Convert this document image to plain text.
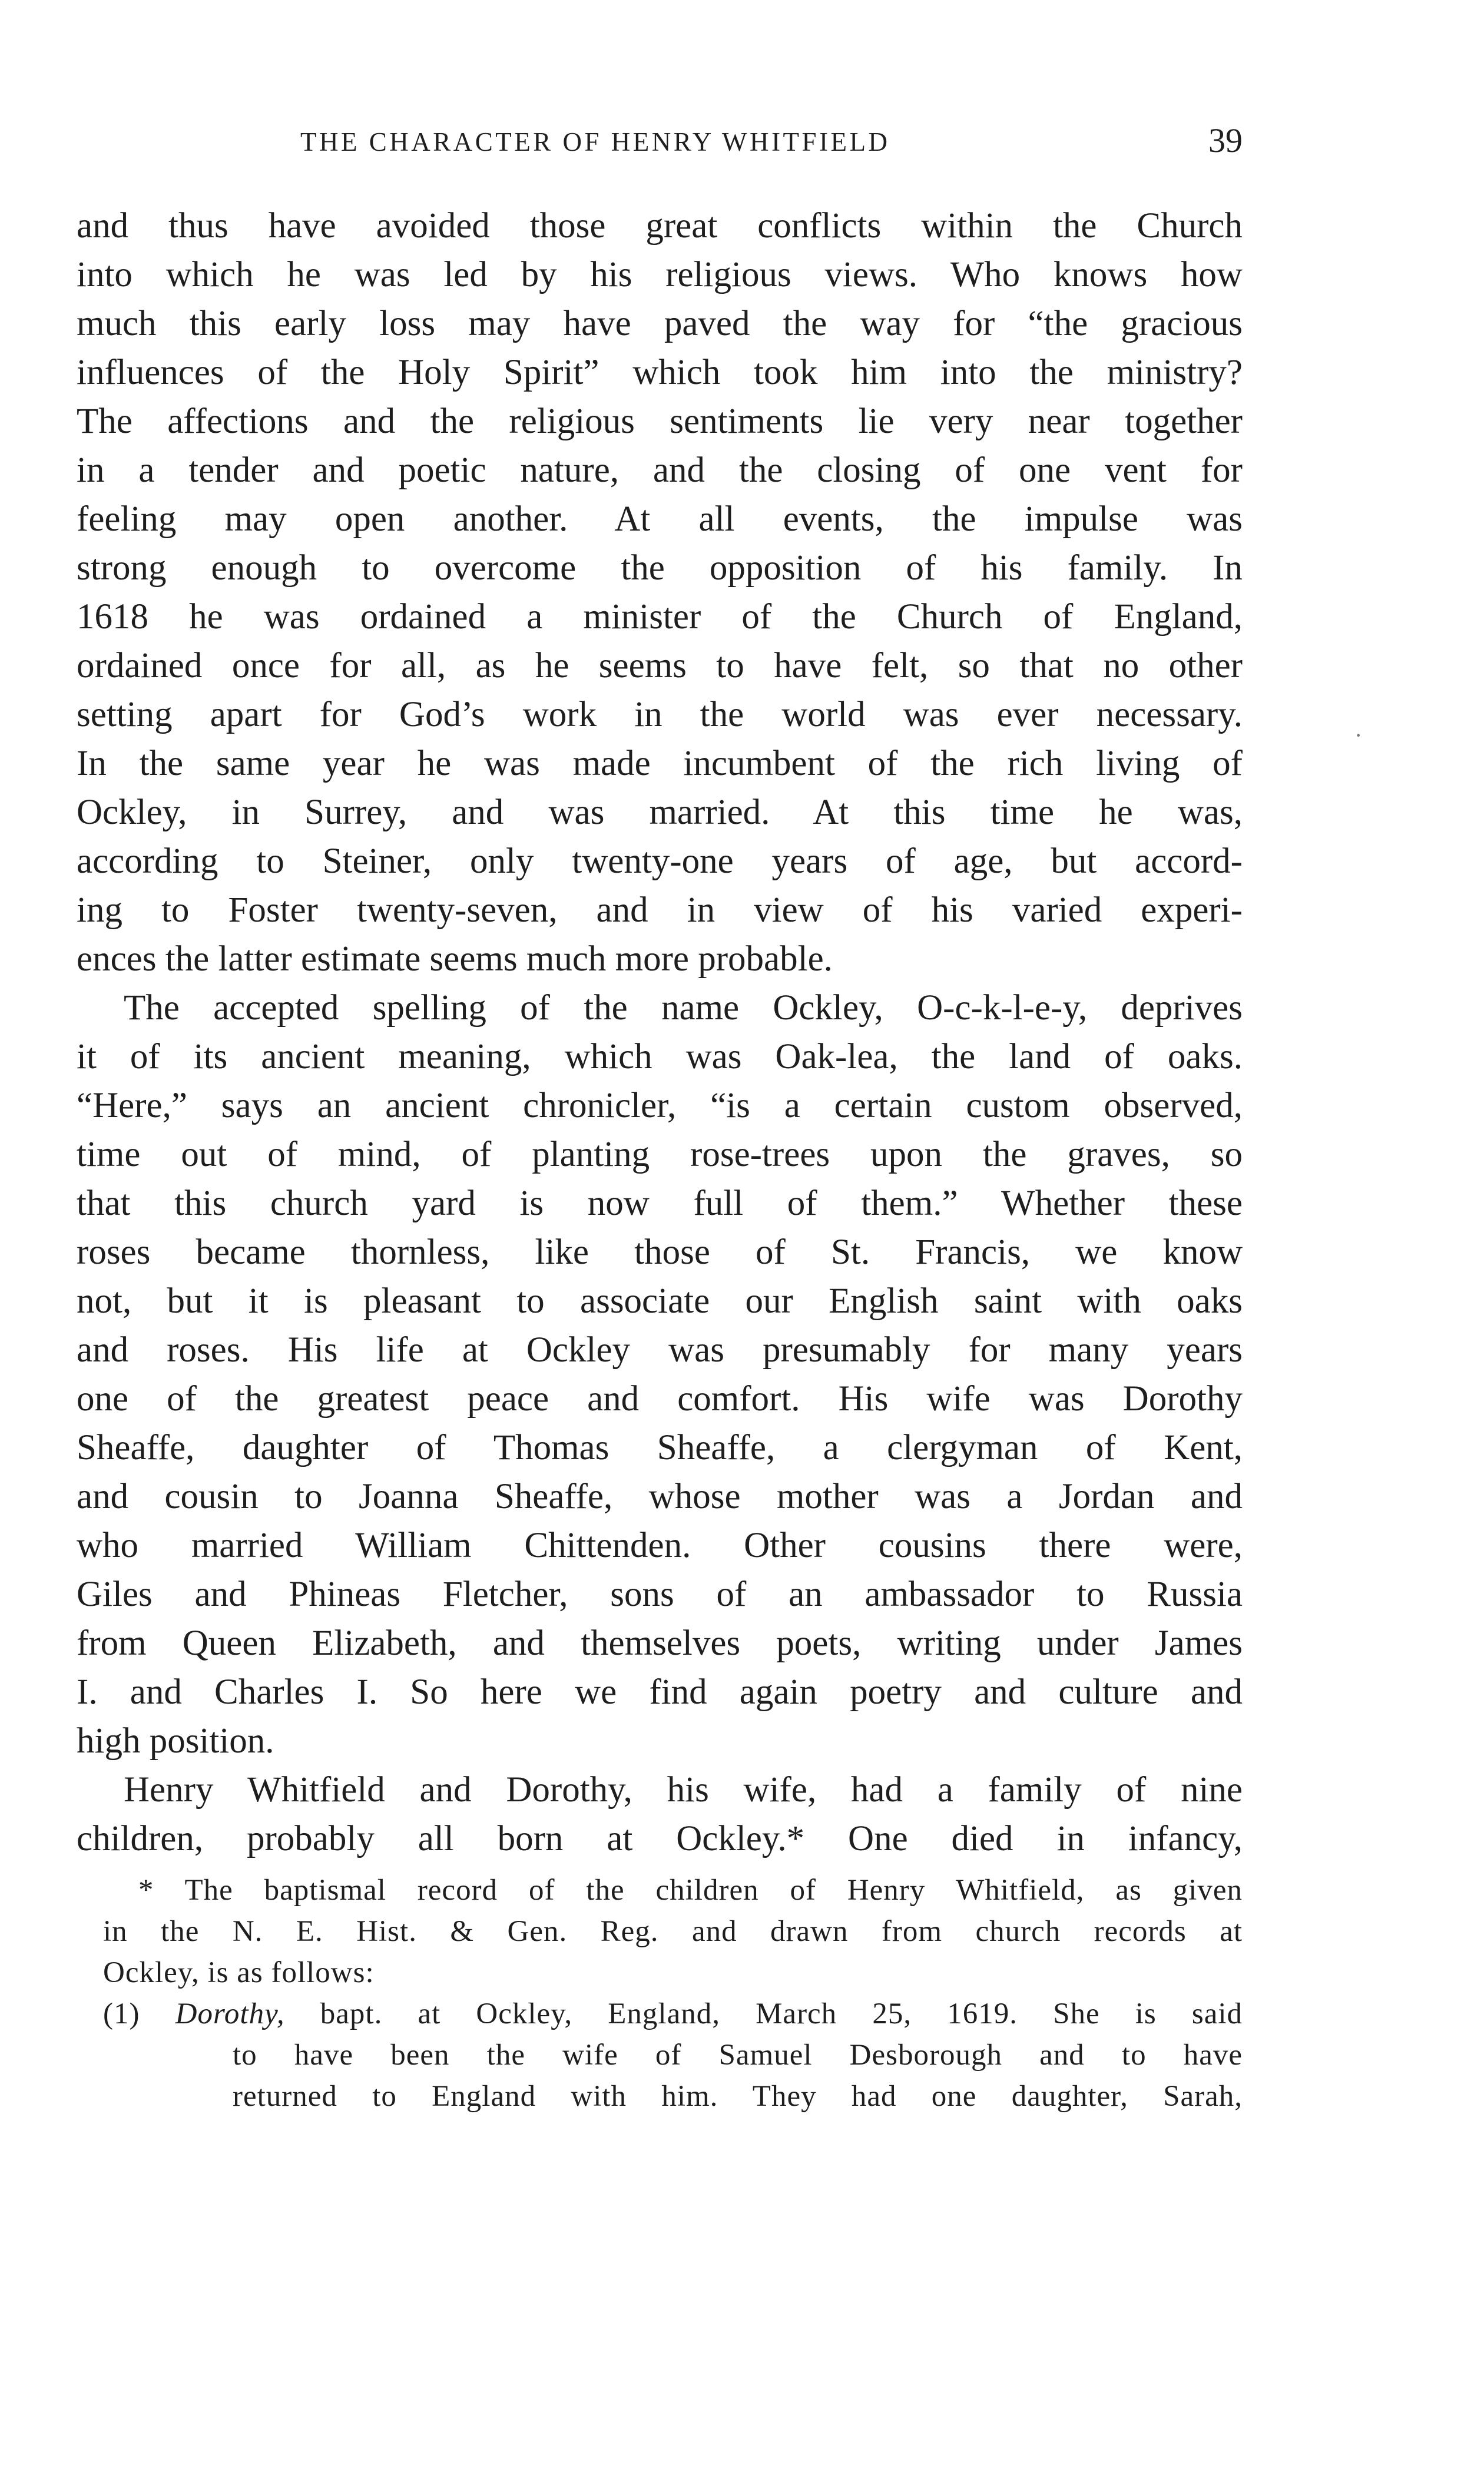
THE CHARACTER OF HENRY WHITFIELD	39
and thus have avoided those great conflicts within the Church
into which he was led by his religious views. Who knows how
much this early loss may have paved the way for “the gracious
influences of the Holy Spirit” which took him into the ministry?
The affections and the religious sentiments lie very near together
in a tender and poetic nature, and the closing of one vent for
feeling may open another. At all events, the impulse was
strong enough to overcome the opposition of his family. In
1618 he was ordained a minister of the Church of England,
ordained once for all, as he seems to have felt, so that no other
setting apart for God’s work in the world was ever necessary.
In the same year he was made incumbent of the rich living of
Ockley, in Surrey, and was married. At this time he was,
according to Steiner, only twenty-one years of age, but accord-
ing to Foster twenty-seven, and in view of his varied experi-
ences the latter estimate seems much more probable.
The accepted spelling of the name Ockley, O-c-k-l-e-y, deprives
it of its ancient meaning, which was Oak-lea, the land of oaks.
“Here,” says an ancient chronicler, “is a certain custom observed,
time out of mind, of planting rose-trees upon the graves, so
that this church yard is now full of them.” Whether these
roses became thornless, like those of St. Francis, we know
not, but it is pleasant to associate our English saint with oaks
and roses. His life at Ockley was presumably for many years
one of the greatest peace and comfort. His wife was Dorothy
Sheaffe, daughter of Thomas Sheaffe, a clergyman of Kent,
and cousin to Joanna Sheaffe, whose mother was a Jordan and
who married William Chittenden. Other cousins there were,
Giles and Phineas Fletcher, sons of an ambassador to Russia
from Queen Elizabeth, and themselves poets, writing under James
I. and Charles I. So here we find again poetry and culture and
high position.
Henry Whitfield and Dorothy, his wife, had a family of nine
children, probably all born at Ockley.* One died in infancy,
* The baptismal record of the children of Henry Whitfield, as given
in the N. E. Hist. & Gen. Reg. and drawn from church records at
Ockley, is as follows:
(1) Dorothy, bapt. at Ockley, England, March 25, 1619. She is said
to have been the wife of Samuel Desborough and to have
returned to England with him. They had one daughter, Sarah,
·
